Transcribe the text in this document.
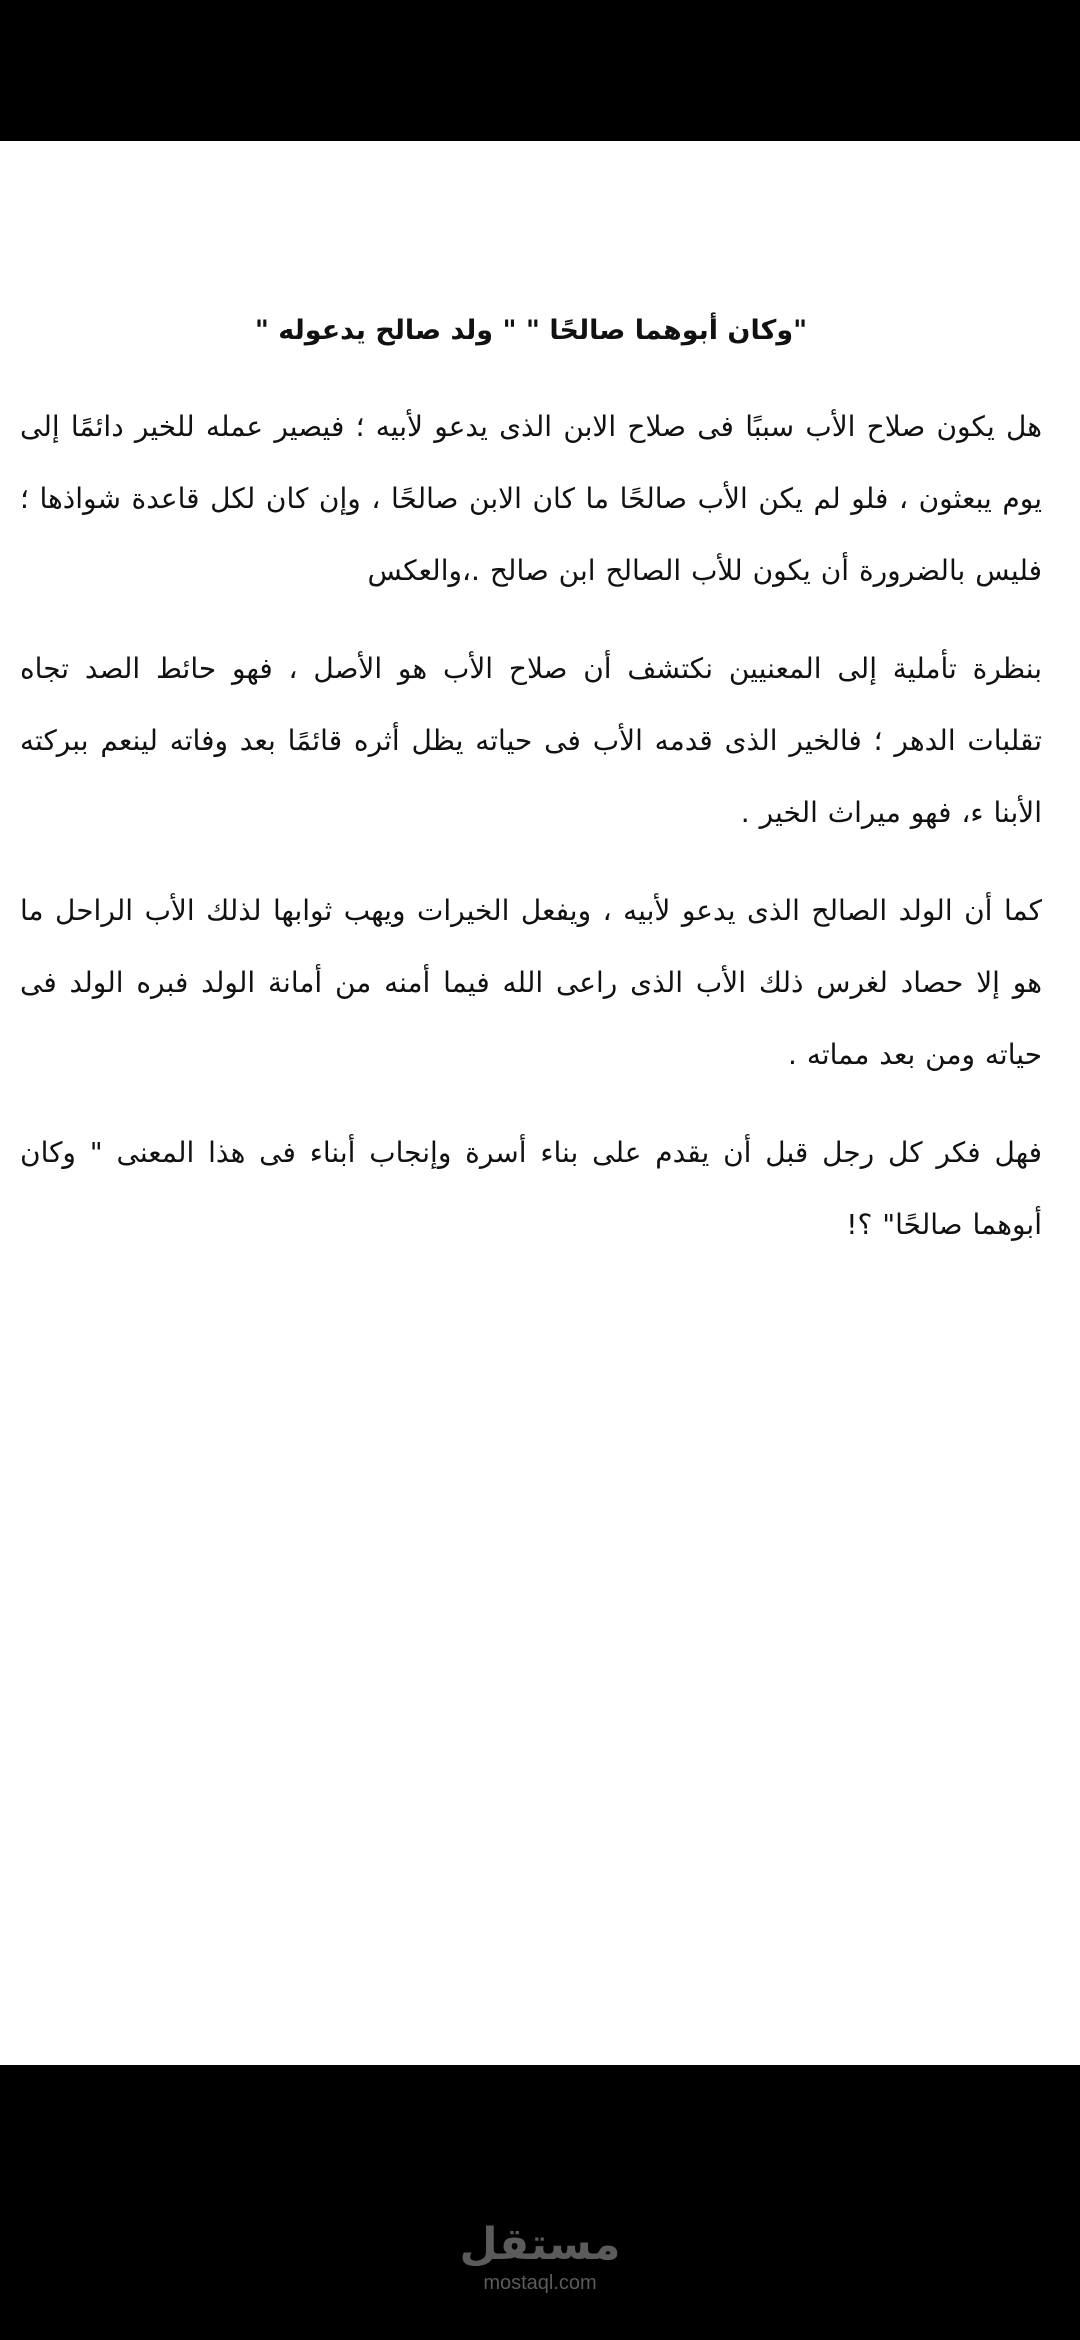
"وكان أبوهما صالحًا " " ولد صالح يدعوله "

هل يكون صلاح الأب سببًا فى صلاح الابن الذى يدعو لأبيه ؛ فيصير عمله للخير دائمًا إلى يوم يبعثون ، فلو لم يكن الأب صالحًا ما كان الابن صالحًا ، وإن كان لكل قاعدة شواذها ؛ فليس بالضرورة أن يكون للأب الصالح ابن صالح .،والعكس

بنظرة تأملية إلى المعنيين نكتشف أن صلاح الأب هو الأصل ، فهو حائط الصد تجاه تقلبات الدهر ؛ فالخير الذى قدمه الأب فى حياته يظل أثره قائمًا بعد وفاته لينعم ببركته الأبنا ء، فهو ميراث الخير .

كما أن الولد الصالح الذى يدعو لأبيه ، ويفعل الخيرات ويهب ثوابها لذلك الأب الراحل ما هو إلا حصاد لغرس ذلك الأب الذى راعى الله فيما أمنه من أمانة الولد فبره الولد فى حياته ومن بعد مماته .

فهل فكر كل رجل قبل أن يقدم على بناء أسرة وإنجاب أبناء فى هذا المعنى " وكان أبوهما صالحًا" ؟!

مستقل
mostaql.com
